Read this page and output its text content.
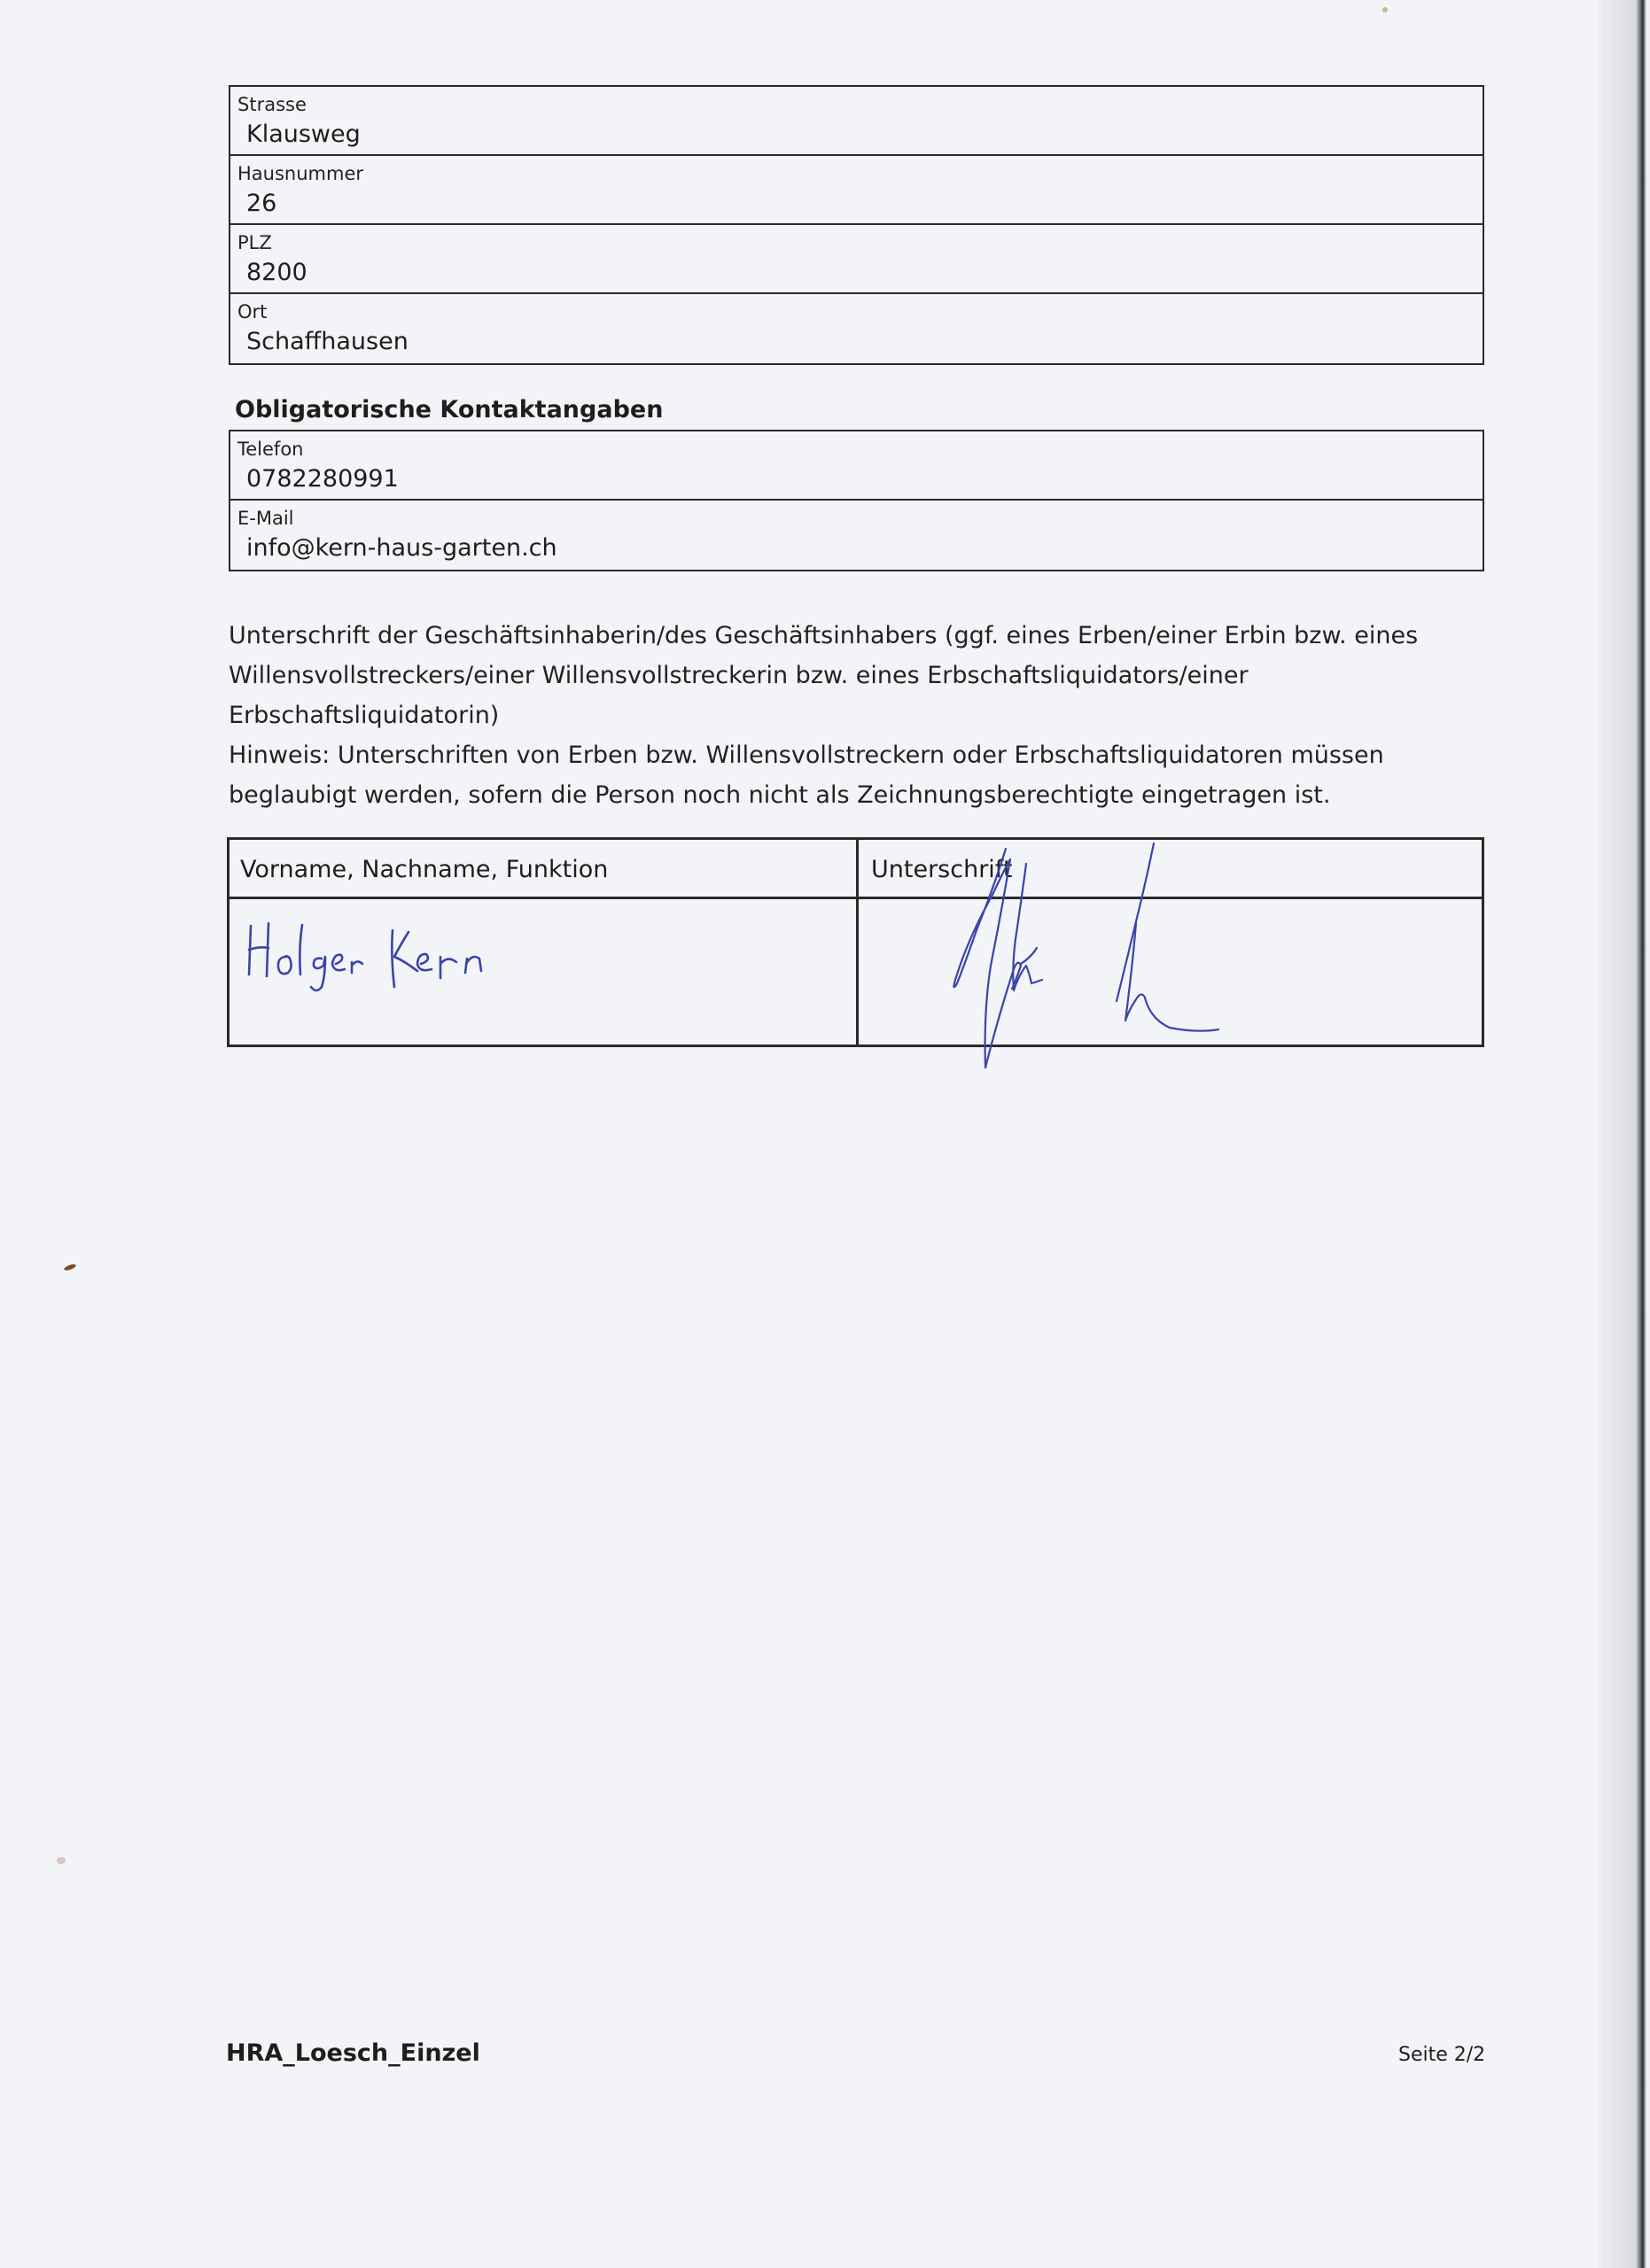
Strasse
Klausweg
Hausnummer
26
PLZ
8200
Ort
Schaffhausen
Obligatorische Kontaktangaben
Telefon
0782280991
E-Mail
info@kern-haus-garten.ch

Unterschrift der Geschäftsinhaberin/des Geschäftsinhabers (ggf. eines Erben/einer Erbin bzw. eines Willensvollstreckers/einer Willensvollstreckerin bzw. eines Erbschaftsliquidators/einer Erbschaftsliquidatorin)
Hinweis: Unterschriften von Erben bzw. Willensvollstreckern oder Erbschaftsliquidatoren müssen beglaubigt werden, sofern die Person noch nicht als Zeichnungsberechtigte eingetragen ist.

Vorname, Nachname, Funktion	Unterschrift
HRA_Loesch_Einzel	Seite 2/2
